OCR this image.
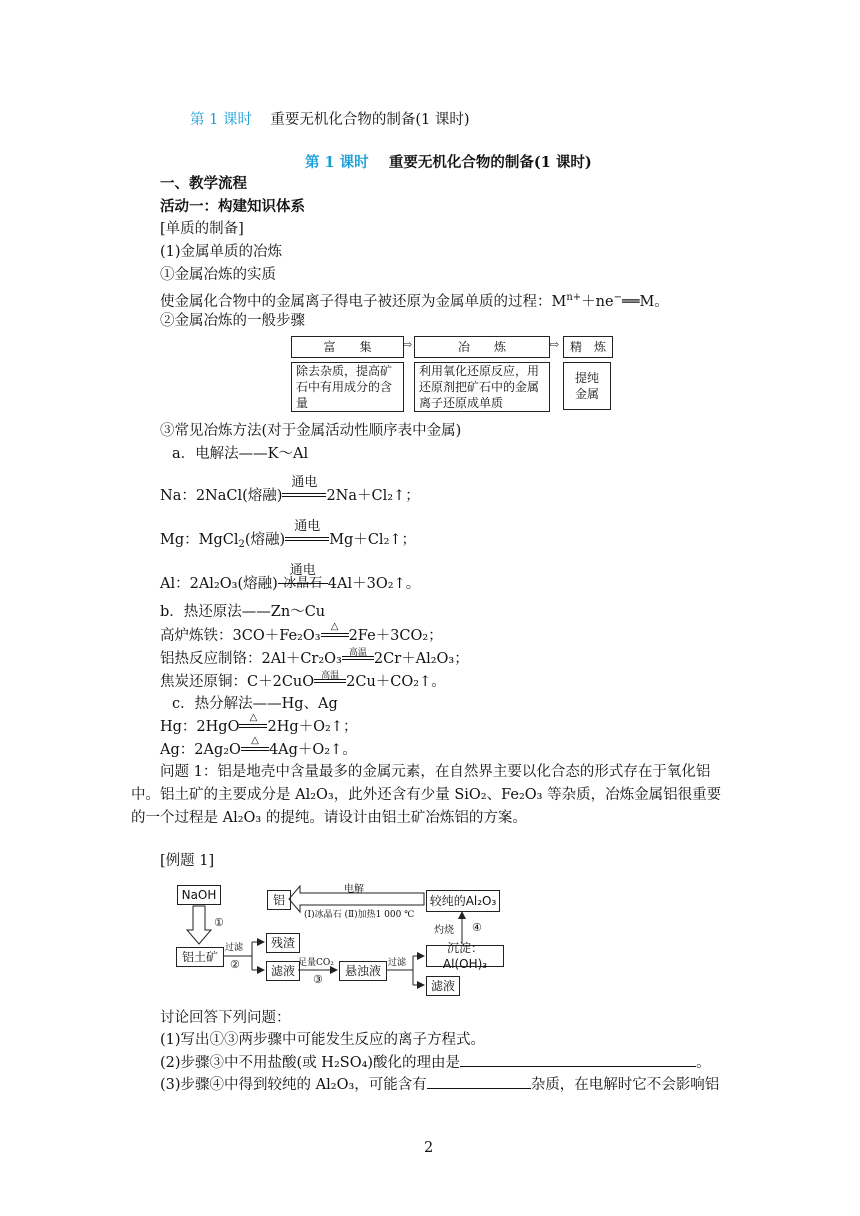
第 1 课时 重要无机化合物的制备(1 课时)
第 1 课时 重要无机化合物的制备(1 课时)
一、教学流程
活动一：构建知识体系
[单质的制备]
(1)金属单质的冶炼
①金属冶炼的实质
使金属化合物中的金属离子得电子被还原为金属单质的过程：$M^{n+}+ne^-══M$。
②金属冶炼的一般步骤
富　　集	冶　　炼	精　炼
⇨	⇨
除去杂质，提高矿石中有用成分的含量
利用氧化还原反应，用还原剂把矿石中的金属离子还原成单质
提纯金属
③常见冶炼方法(对于金属活动性顺序表中金属)
a．电解法——K～Al
Na：2NaCl(熔融)
通电
2Na＋Cl₂↑；
Mg：MgCl$_2$(熔融)
通电
Mg＋Cl₂↑；
Al：2Al₂O₃(熔融)
通电
冰晶石 4Al＋3O₂↑。
b．热还原法——Zn～Cu
高炉炼铁：3CO＋Fe₂O₃
△
2Fe＋3CO₂；
铝热反应制铬：2Al＋Cr₂O₃ 高温 2Cr＋Al₂O₃；
焦炭还原铜：C＋2CuO 高温 2Cu＋CO₂↑。
c．热分解法——Hg、Ag
Hg：2HgO
△
2Hg＋O₂↑；
Ag：2Ag₂O
△
4Ag＋O₂↑。
问题 1：铝是地壳中含量最多的金属元素，在自然界主要以化合态的形式存在于氧化铝
中。铝土矿的主要成分是 Al₂O₃，此外还含有少量 SiO₂、Fe₂O₃ 等杂质，冶炼金属铝很重要
的一个过程是 Al₂O₃ 的提纯。请设计由铝土矿冶炼铝的方案。
[例题 1]
NaOH
①
铝土矿
过滤
②
残渣
滤液
足量CO₂
③
悬浊液
过滤
沉淀：Al(OH)₃
滤液
灼烧 ④
较纯的Al₂O₃
电解
(Ⅰ)冰晶石 (Ⅱ)加热1 000 ℃
铝
讨论回答下列问题：
(1)写出①③两步骤中可能发生反应的离子方程式。
(2)步骤③中不用盐酸(或 H₂SO₄)酸化的理由是	。
(3)步骤④中得到较纯的 Al₂O₃，可能含有	杂质，在电解时它不会影响铝
2
